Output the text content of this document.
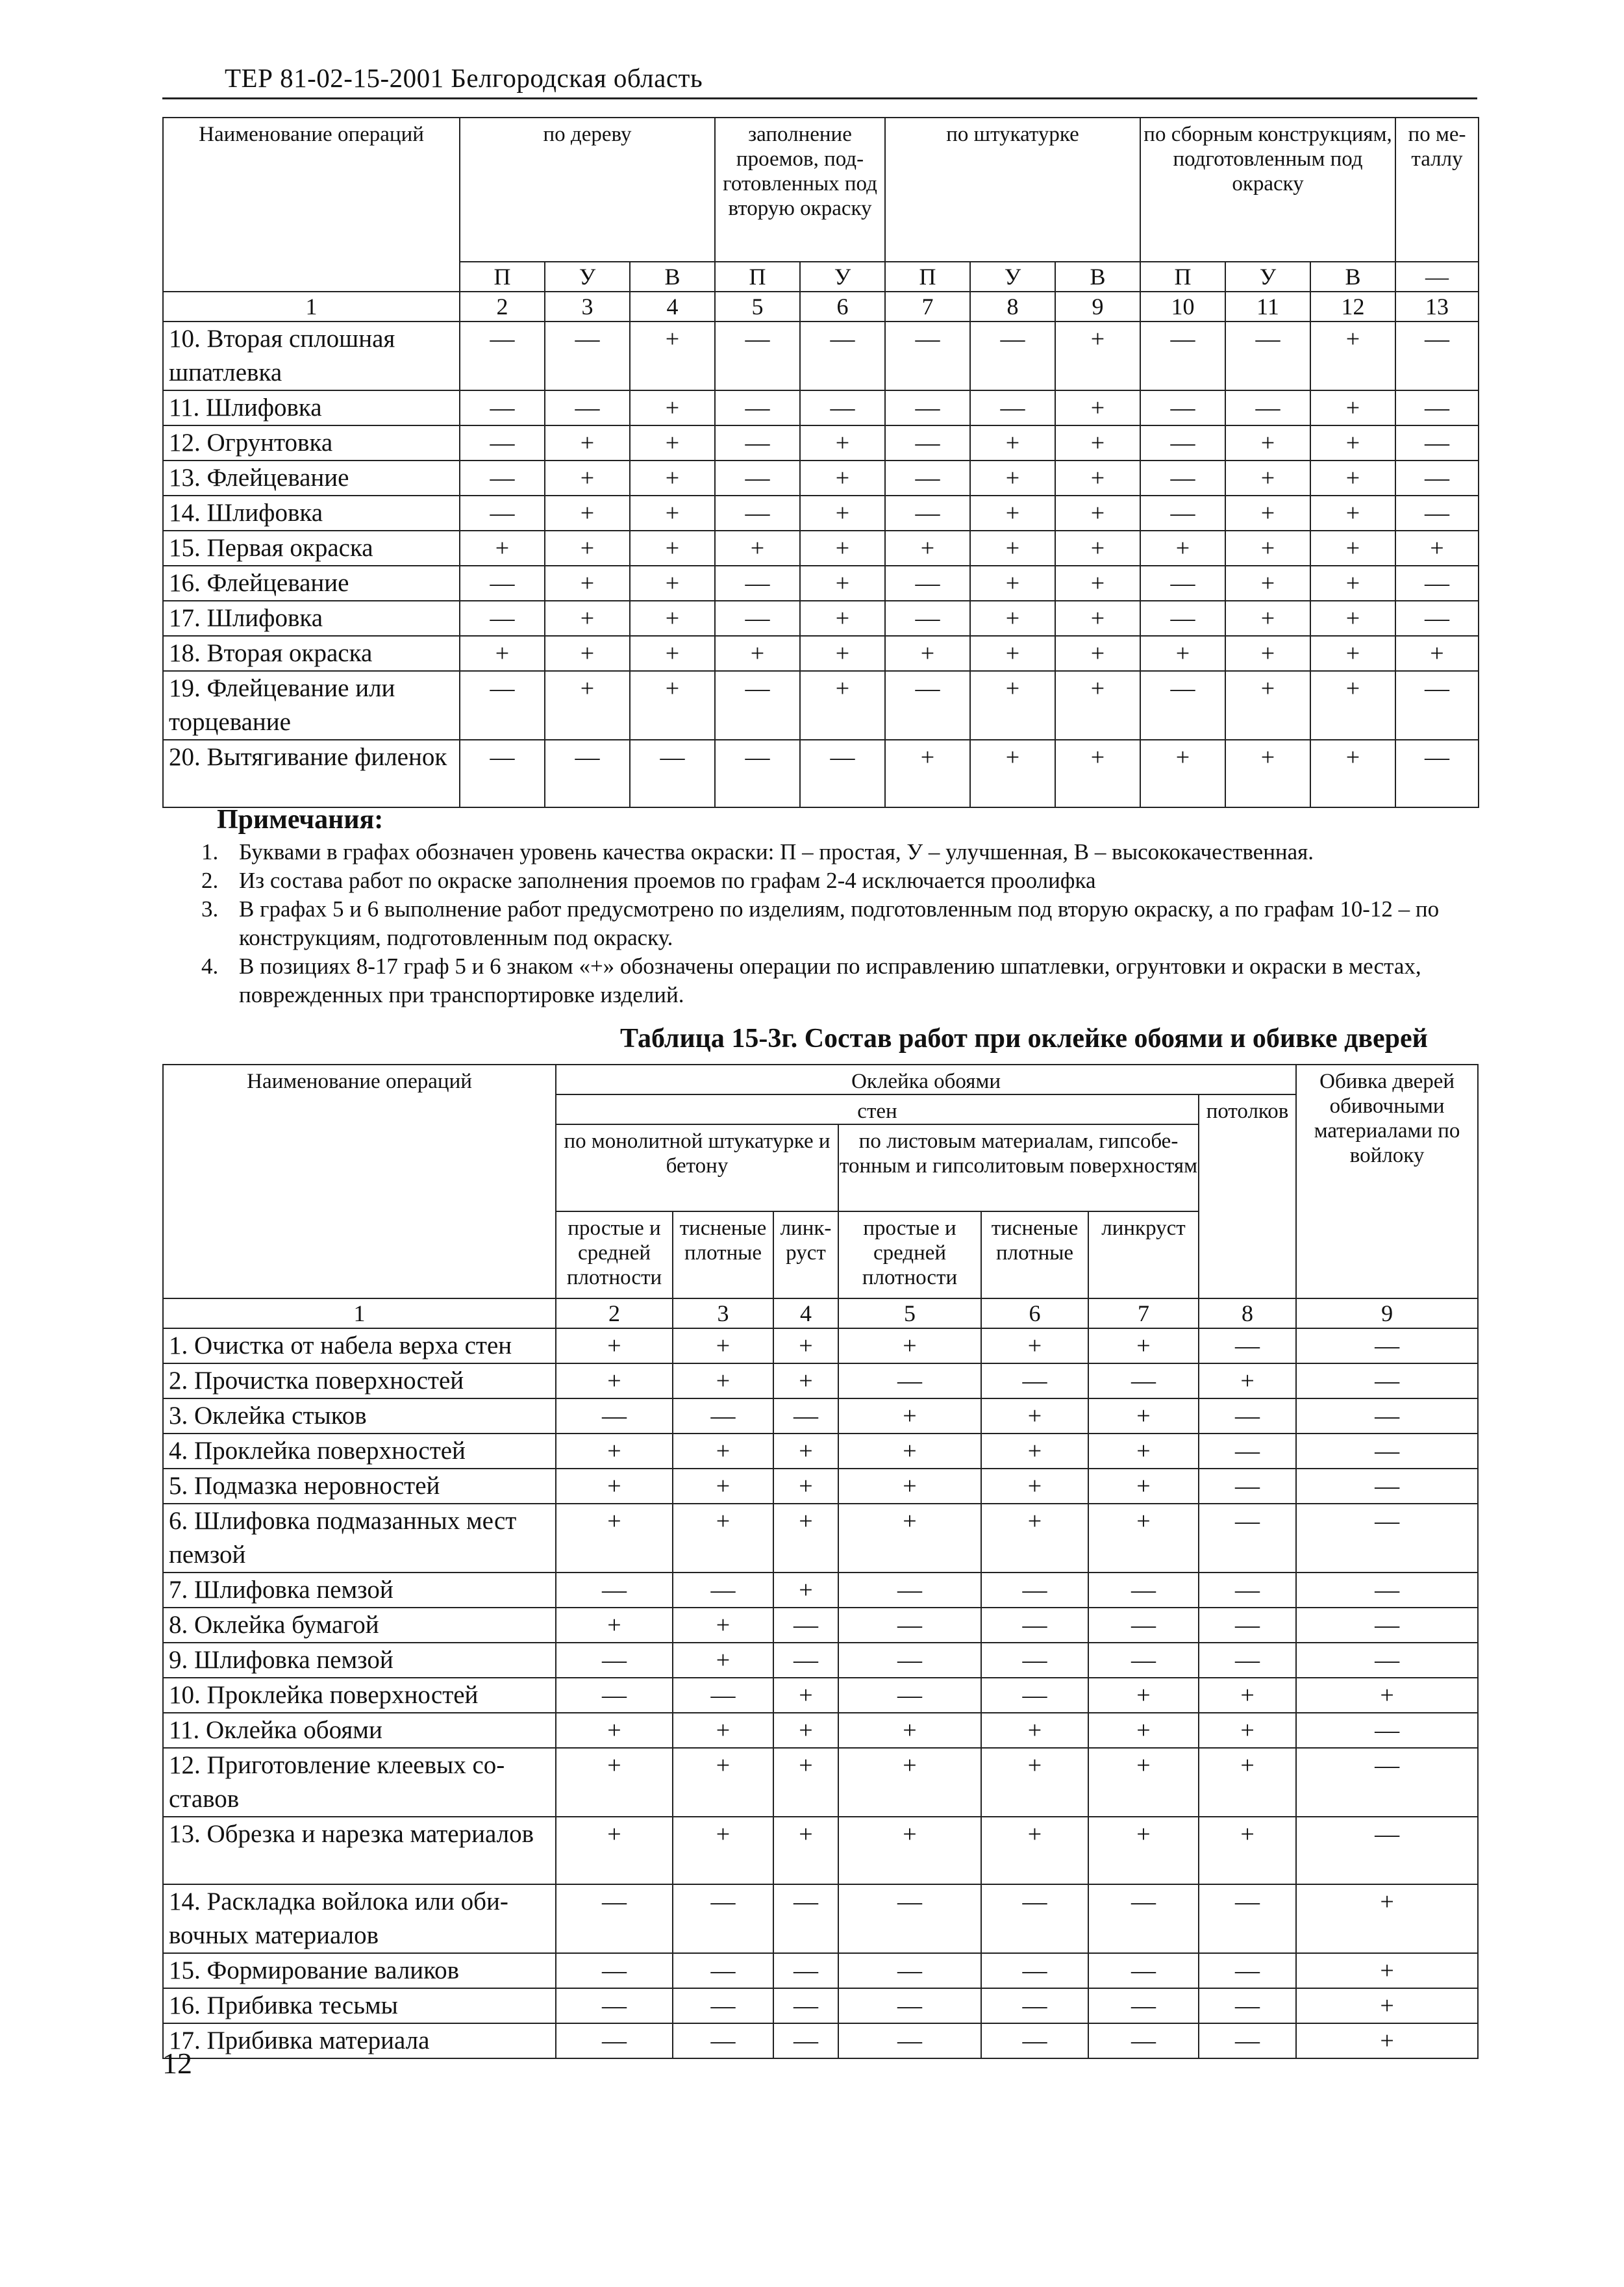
ТЕР 81-02-15-2001 Белгородская область
Наименование операций	по дереву			заполнение проемов, подготовленных под вторую окраску		по штукатурке			по сборным конструкциям, подготовленным под окраску			по металлу
	П	У	В	П	У	П	У	В	П	У	В	—
1	2	3	4	5	6	7	8	9	10	11	12	13
10. Вторая сплошная шпатлевка	—	—	+	—	—	—	—	+	—	—	+	—
11. Шлифовка	—	—	+	—	—	—	—	+	—	—	+	—
12. Огрунтовка	—	+	+	—	+	—	+	+	—	+	+	—
13. Флейцевание	—	+	+	—	+	—	+	+	—	+	+	—
14. Шлифовка	—	+	+	—	+	—	+	+	—	+	+	—
15. Первая окраска	+	+	+	+	+	+	+	+	+	+	+	+
16. Флейцевание	—	+	+	—	+	—	+	+	—	+	+	—
17. Шлифовка	—	+	+	—	+	—	+	+	—	+	+	—
18. Вторая окраска	+	+	+	+	+	+	+	+	+	+	+	+
19. Флейцевание или торцевание	—	+	+	—	+	—	+	+	—	+	+	—
20. Вытягивание филенок	—	—	—	—	—	+	+	+	+	+	+	—
Примечания:
1. Буквами в графах обозначен уровень качества окраски: П – простая, У – улучшенная, В – высококачественная.
2. Из состава работ по окраске заполнения проемов по графам 2-4 исключается проолифка
3. В графах 5 и 6 выполнение работ предусмотрено по изделиям, подготовленным под вторую окраску, а по графам 10-12 – по конструкциям, подготовленным под окраску.
4. В позициях 8-17 граф 5 и 6 знаком «+» обозначены операции по исправлению шпатлевки, огрунтовки и окраски в местах, поврежденных при транспортировке изделий.
Таблица 15-3г. Состав работ при оклейке обоями и обивке дверей
Наименование операций	Оклейка обоями							Обивка дверей обивочными материалами по войлоку
	стен						потолков	
	по монолитной штукатурке и бетону			по листовым материалам, гипсобетонным и гипсолитовым поверхностям				
	простые и средней плотности	тисненые плотные	линкруст	простые и средней плотности	тисненые плотные	линкруст		
1	2	3	4	5	6	7	8	9
1. Очистка от набела верха стен	+	+	+	+	+	+	—	—
2. Прочистка поверхностей	+	+	+	—	—	—	+	—
3. Оклейка стыков	—	—	—	+	+	+	—	—
4. Проклейка поверхностей	+	+	+	+	+	+	—	—
5. Подмазка неровностей	+	+	+	+	+	+	—	—
6. Шлифовка подмазанных мест пемзой	+	+	+	+	+	+	—	—
7. Шлифовка пемзой	—	—	+	—	—	—	—	—
8. Оклейка бумагой	+	+	—	—	—	—	—	—
9. Шлифовка пемзой	—	+	—	—	—	—	—	—
10. Проклейка поверхностей	—	—	+	—	—	+	+	+
11. Оклейка обоями	+	+	+	+	+	+	+	—
12. Приготовление клеевых составов	+	+	+	+	+	+	+	—
13. Обрезка и нарезка материалов	+	+	+	+	+	+	+	—
14. Раскладка войлока или обивочных материалов	—	—	—	—	—	—	—	+
15. Формирование валиков	—	—	—	—	—	—	—	+
16. Прибивка тесьмы	—	—	—	—	—	—	—	+
17. Прибивка материала	—	—	—	—	—	—	—	+
12
